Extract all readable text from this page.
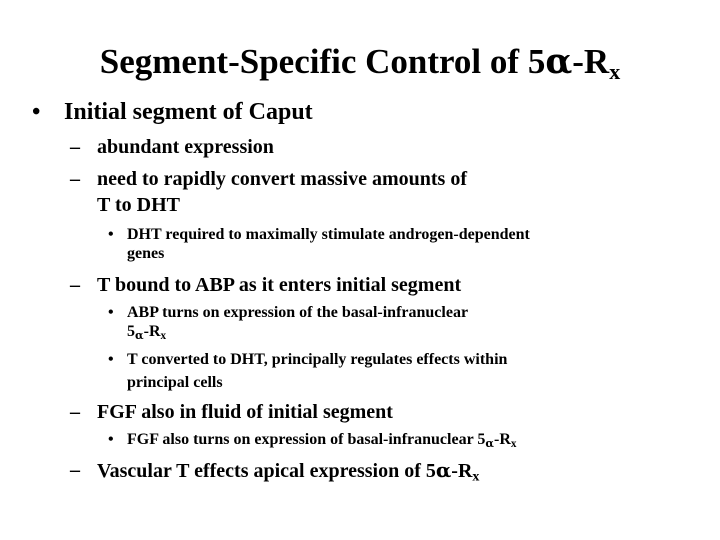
Segment-Specific Control of $5\alpha-R_x$
• Initial segment of Caput
– abundant expression
– need to rapidly convert massive amounts of
T to DHT
• DHT required to maximally stimulate androgen-dependent
genes
– T bound to ABP as it enters initial segment
• ABP turns on expression of the basal-infranuclear
5α-Rx
• T converted to DHT, principally regulates effects within
principal cells
– FGF also in fluid of initial segment
• FGF also turns on expression of basal-infranuclear 5α-Rx
– Vascular T effects apical expression of 5α-Rx
